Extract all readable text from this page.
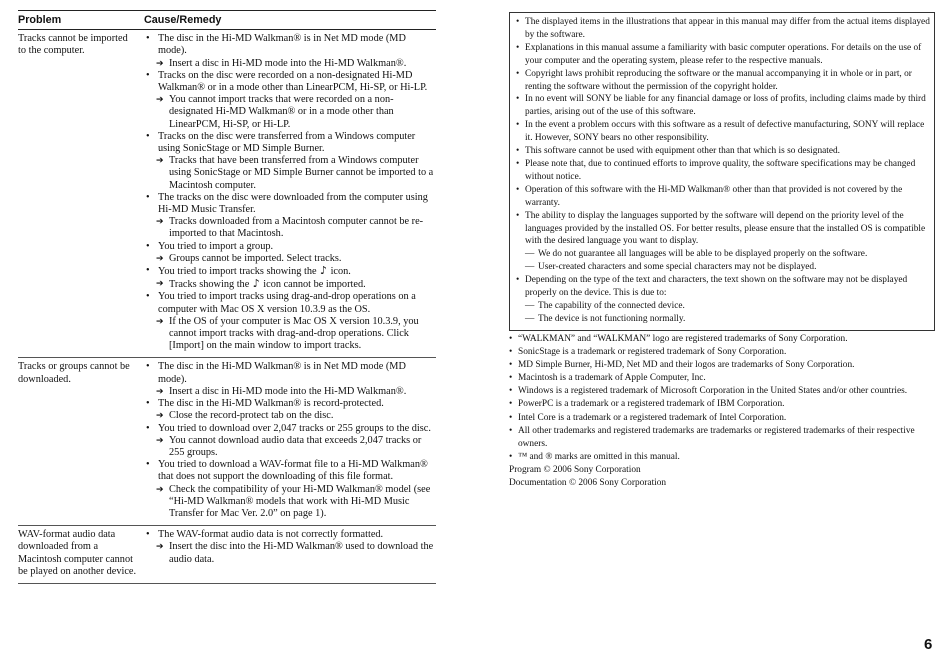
Problem	Cause/Remedy
Tracks cannot be imported to the computer.
• The disc in the Hi-MD Walkman® is in Net MD mode (MD mode).
➔ Insert a disc in Hi-MD mode into the Hi-MD Walkman®.
• Tracks on the disc were recorded on a non-designated Hi-MD Walkman® or in a mode other than LinearPCM, Hi-SP, or Hi-LP.
➔ You cannot import tracks that were recorded on a non-designated Hi-MD Walkman® or in a mode other than LinearPCM, Hi-SP, or Hi-LP.
• Tracks on the disc were transferred from a Windows computer using SonicStage or MD Simple Burner.
➔ Tracks that have been transferred from a Windows computer using SonicStage or MD Simple Burner cannot be imported to a Macintosh computer.
• The tracks on the disc were downloaded from the computer using Hi-MD Music Transfer.
➔ Tracks downloaded from a Macintosh computer cannot be re-imported to that Macintosh.
• You tried to import a group.
➔ Groups cannot be imported. Select tracks.
• You tried to import tracks showing the ♪ icon.
➔ Tracks showing the ♪ icon cannot be imported.
• You tried to import tracks using drag-and-drop operations on a computer with Mac OS X version 10.3.9 as the OS.
➔ If the OS of your computer is Mac OS X version 10.3.9, you cannot import tracks with drag-and-drop operations. Click [Import] on the main window to import tracks.
Tracks or groups cannot be downloaded.
• The disc in the Hi-MD Walkman® is in Net MD mode (MD mode).
➔ Insert a disc in Hi-MD mode into the Hi-MD Walkman®.
• The disc in the Hi-MD Walkman® is record-protected.
➔ Close the record-protect tab on the disc.
• You tried to download over 2,047 tracks or 255 groups to the disc.
➔ You cannot download audio data that exceeds 2,047 tracks or 255 groups.
• You tried to download a WAV-format file to a Hi-MD Walkman® that does not support the downloading of this file format.
➔ Check the compatibility of your Hi-MD Walkman® model (see “Hi-MD Walkman® models that work with Hi-MD Music Transfer for Mac Ver. 2.0” on page 1).
WAV-format audio data downloaded from a Macintosh computer cannot be played on another device.
• The WAV-format audio data is not correctly formatted.
➔ Insert the disc into the Hi-MD Walkman® used to download the audio data.
• The displayed items in the illustrations that appear in this manual may differ from the actual items displayed by the software.
• Explanations in this manual assume a familiarity with basic computer operations. For details on the use of your computer and the operating system, please refer to the respective manuals.
• Copyright laws prohibit reproducing the software or the manual accompanying it in whole or in part, or renting the software without the permission of the copyright holder.
• In no event will SONY be liable for any financial damage or loss of profits, including claims made by third parties, arising out of the use of this software.
• In the event a problem occurs with this software as a result of defective manufacturing, SONY will replace it. However, SONY bears no other responsibility.
• This software cannot be used with equipment other than that which is so designated.
• Please note that, due to continued efforts to improve quality, the software specifications may be changed without notice.
• Operation of this software with the Hi-MD Walkman® other than that provided is not covered by the warranty.
• The ability to display the languages supported by the software will depend on the priority level of the languages provided by the installed OS. For better results, please ensure that the installed OS is compatible with the desired language you want to display.
— We do not guarantee all languages will be able to be displayed properly on the software.
— User-created characters and some special characters may not be displayed.
• Depending on the type of the text and characters, the text shown on the software may not be displayed properly on the device. This is due to:
— The capability of the connected device.
— The device is not functioning normally.
• “WALKMAN” and “WALKMAN” logo are registered trademarks of Sony Corporation.
• SonicStage is a trademark or registered trademark of Sony Corporation.
• MD Simple Burner, Hi-MD, Net MD and their logos are trademarks of Sony Corporation.
• Macintosh is a trademark of Apple Computer, Inc.
• Windows is a registered trademark of Microsoft Corporation in the United States and/or other countries.
• PowerPC is a trademark or a registered trademark of IBM Corporation.
• Intel Core is a trademark or a registered trademark of Intel Corporation.
• All other trademarks and registered trademarks are trademarks or registered trademarks of their respective owners.
• ™ and ® marks are omitted in this manual.
Program © 2006 Sony Corporation
Documentation © 2006 Sony Corporation
6
